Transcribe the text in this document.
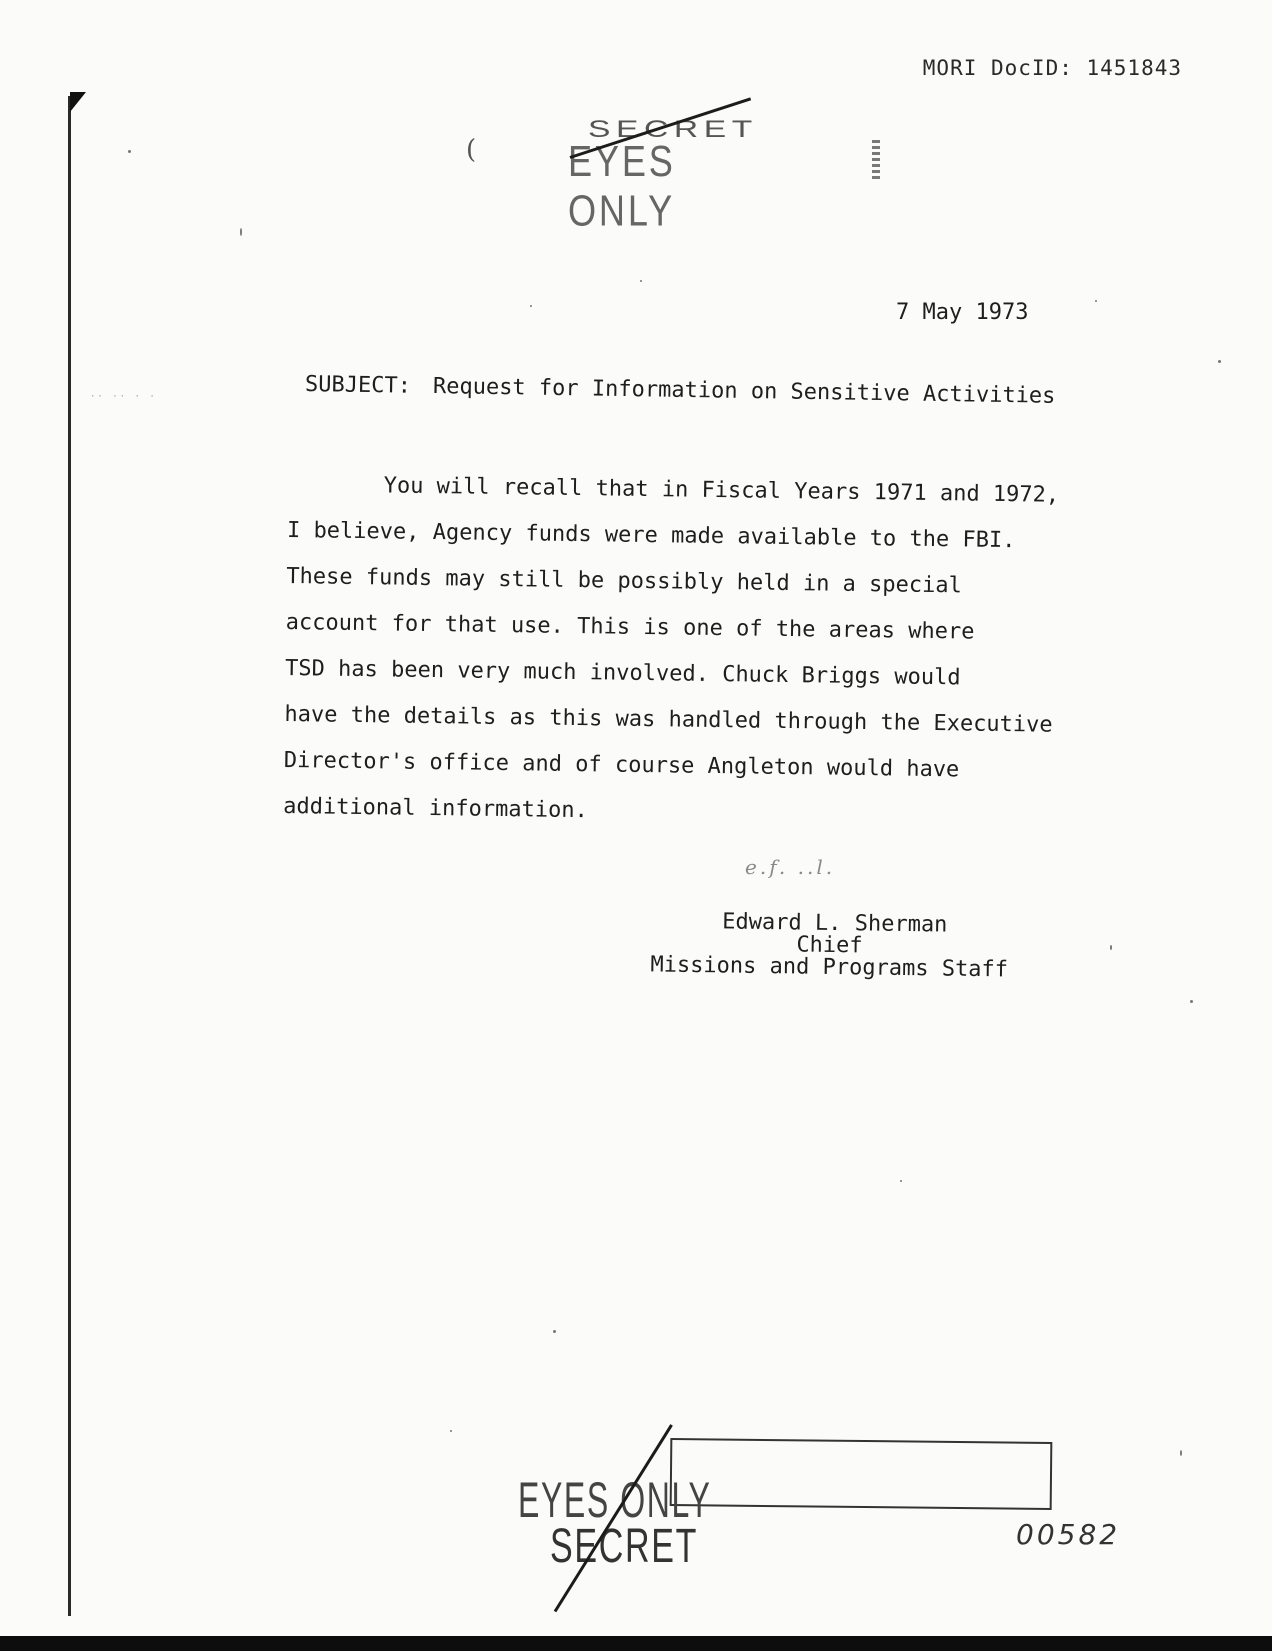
·· ·· · ·
MORI DocID: 1451843
(
SECRET
EYES ONLY
7 May 1973
SUBJECT: Request for Information on Sensitive Activities
You will recall that in Fiscal Years 1971 and 1972,
I believe, Agency funds were made available to the FBI.
These funds may still be possibly held in a special
account for that use. This is one of the areas where
TSD has been very much involved. Chuck Briggs would
have the details as this was handled through the Executive
Director's office and of course Angleton would have
additional information.
e.f. ..l.
Edward L. Sherman
Chief
Missions and Programs Staff
EYES ONLY
SECRET	00582
